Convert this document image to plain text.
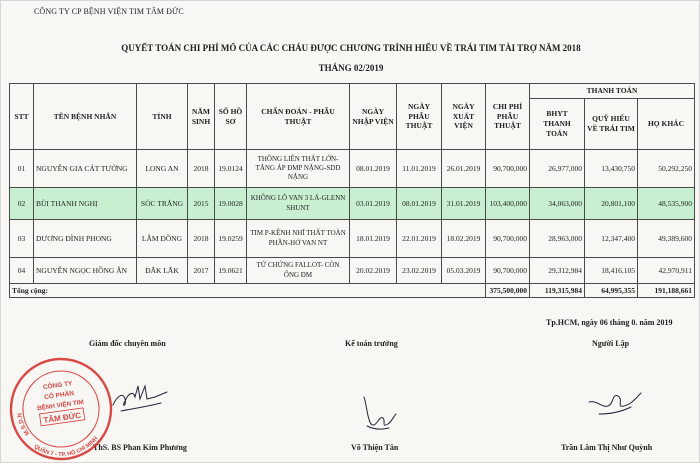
CÔNG TY CP BỆNH VIỆN TIM TÂM ĐỨC
QUYẾT TOÁN CHI PHÍ MỔ CỦA CÁC CHÁU ĐƯỢC CHƯƠNG TRÌNH HIỂU VỀ TRÁI TIM TÀI TRỢ NĂM 2018
THÁNG 02/2019
STT	TÊN BỆNH NHÂN	TỈNH	NĂM SINH	SỐ HỒ SƠ	CHẨN ĐOÁN - PHẪU THUẬT	NGÀY NHẬP VIỆN	NGÀY PHẪU THUẬT	NGÀY XUẤT VIỆN	CHI PHÍ PHẪU THUẬT	THANH TOÁN		
										BHYT THANH TOÁN	QUỸ HIỂU VỀ TRÁI TIM	HỌ KHÁC
01	NGUYỄN GIA CÁT TƯỜNG	LONG AN	2018	19.0124	THÔNG LIÊN THẤT LỚN-TĂNG ÁP ĐMP NẶNG-SDD NẶNG	08.01.2019	11.01.2019	26.01.2019	90,700,000	26,977,000	13,430,750	50,292,250
02	BÙI THANH NGHỊ	SÓC TRĂNG	2015	19.0028	KHÔNG LỖ VAN 3 LÁ-GLENN SHUNT	03.01.2019	08.01.2019	31.01.2019	103,400,000	34,063,000	20,801,100	48,535,900
03	DƯƠNG ĐÌNH PHONG	LÂM ĐỒNG	2018	19.0259	TIM P-KÊNH NHĨ THẤT TOÀN PHẦN-HỞ VAN NT	18.01.2019	22.01.2019	18.02.2019	90,700,000	28,963,000	12,347,400	49,389,600
04	NGUYỄN NGỌC HỒNG ÂN	ĐẮK LẮK	2017	19.0621	TỨ CHỨNG FALLOT- CÒN ỐNG ĐM	20.02.2019	23.02.2019	05.03.2019	90,700,000	29,312,984	18,416,105	42,970,911
Tổng cộng:									375,500,000	119,315,984	64,995,355	191,188,661
Tp.HCM, ngày 06 tháng 0. năm 2019
Giám đốc chuyên môn	Kế toán trưởng	Người Lập
ThS. BS Phan Kim Phương	Võ Thiện Tân	Trần Lâm Thị Như Quỳnh
M.S.D.N
QUẬN 7 - TP. HỒ CHÍ MINH
CÔNG TY
CỔ PHẦN
BỆNH VIỆN TIM
TÂM ĐỨC
